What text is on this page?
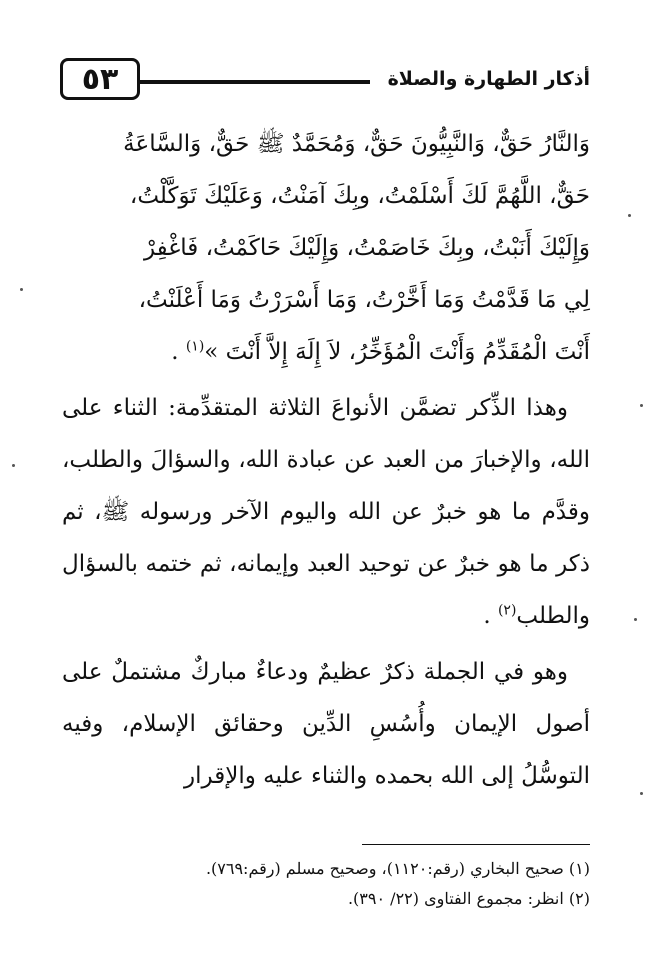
٥٣	أذكار الطهارة والصلاة

وَالنَّارُ حَقٌّ، وَالنَّبِيُّونَ حَقٌّ، وَمُحَمَّدٌ ﷺ حَقٌّ، وَالسَّاعَةُ

حَقٌّ، اللَّهُمَّ لَكَ أَسْلَمْتُ، وبِكَ آمَنْتُ، وَعَلَيْكَ تَوَكَّلْتُ،

وَإِلَيْكَ أَنَبْتُ، وبِكَ خَاصَمْتُ، وَإِلَيْكَ حَاكَمْتُ، فَاغْفِرْ

لِي مَا قَدَّمْتُ وَمَا أَخَّرْتُ، وَمَا أَسْرَرْتُ وَمَا أَعْلَنْتُ،

أَنْتَ الْمُقَدِّمُ وَأَنْتَ الْمُؤَخِّرُ، لاَ إِلَهَ إِلاَّ أَنْتَ »$^{(١)}$ .

وهذا الذِّكر تضمَّن الأنواعَ الثلاثة المتقدِّمة: الثناء على الله، والإخبارَ من العبد عن عبادة الله، والسؤالَ والطلب، وقدَّم ما هو خبرٌ عن الله واليوم الآخر ورسوله ﷺ، ثم ذكر ما هو خبرٌ عن توحيد العبد وإيمانه، ثم ختمه بالسؤال والطلب$^{(٢)}$ .

وهو في الجملة ذكرٌ عظيمٌ ودعاءٌ مباركٌ مشتملٌ على أصول الإيمان وأُسُسِ الدِّين وحقائق الإسلام، وفيه التوسُّلُ إلى الله بحمده والثناء عليه والإقرار

(١) صحيح البخاري (رقم:١١٢٠)، وصحيح مسلم (رقم:٧٦٩).

(٢) انظر: مجموع الفتاوى (٢٢/ ٣٩٠).
